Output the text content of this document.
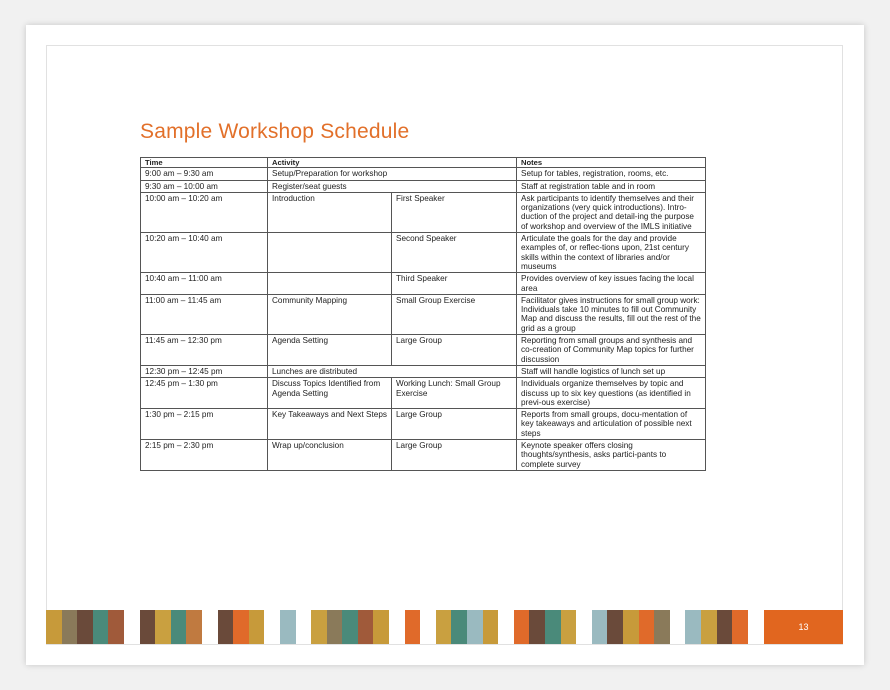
Sample Workshop Schedule
Time	Activity		Notes
9:00 am – 9:30 am	Setup/Preparation for workshop		Setup for tables, registration, rooms, etc.
9:30 am – 10:00 am	Register/seat guests		Staff at registration table and in room
10:00 am – 10:20 am	Introduction	First Speaker	Ask participants to identify themselves and their organizations (very quick introductions). Intro-duction of the project and detail-ing the purpose of workshop and overview of the IMLS initiative
10:20 am – 10:40 am		Second Speaker	Articulate the goals for the day and provide examples of, or reflec-tions upon, 21st century skills within the context of libraries and/or museums
10:40 am – 11:00 am		Third Speaker	Provides overview of key issues facing the local area
11:00 am – 11:45 am	Community Mapping	Small Group Exercise	Facilitator gives instructions for small group work: Individuals take 10 minutes to fill out Community Map and discuss the results, fill out the rest of the grid as a group
11:45 am – 12:30 pm	Agenda Setting	Large Group	Reporting from small groups and synthesis and co-creation of Community Map topics for further discussion
12:30 pm – 12:45 pm	Lunches are distributed		Staff will handle logistics of lunch set up
12:45 pm – 1:30 pm	Discuss Topics Identified from Agenda Setting	Working Lunch: Small Group Exercise	Individuals organize themselves by topic and discuss up to six key questions (as identified in previ-ous exercise)
1:30 pm – 2:15 pm	Key Takeaways and Next Steps	Large Group	Reports from small groups, docu-mentation of key takeaways and articulation of possible next steps
2:15 pm – 2:30 pm	Wrap up/conclusion	Large Group	Keynote speaker offers closing thoughts/synthesis, asks partici-pants to complete survey
13
